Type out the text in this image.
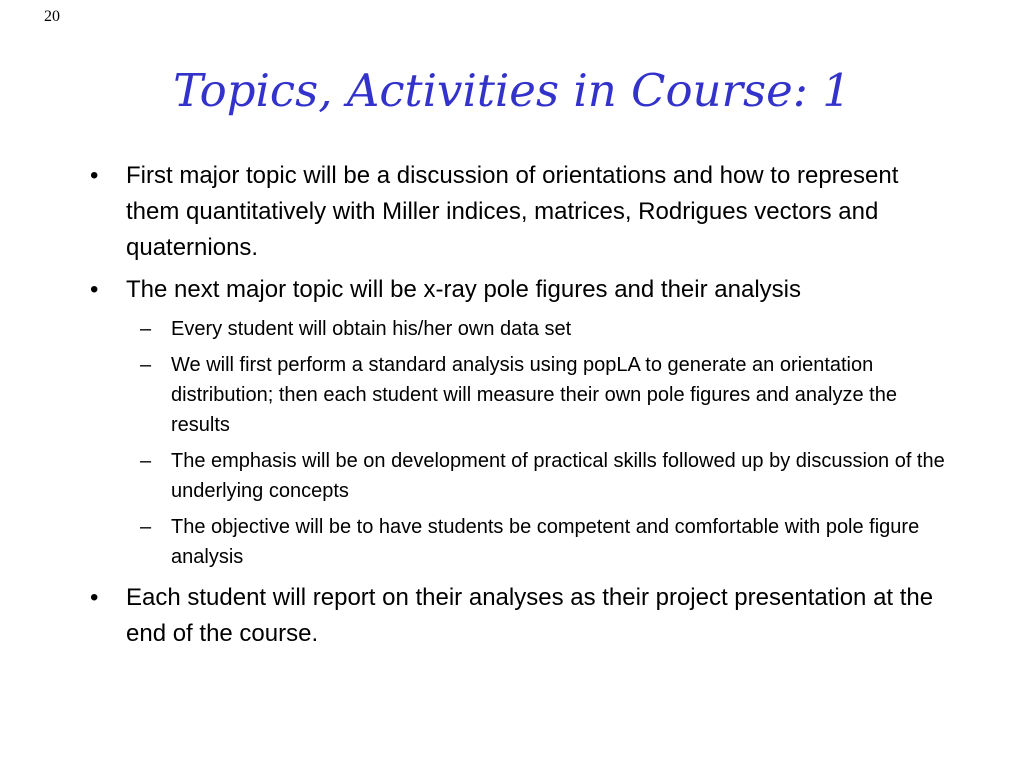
20
Topics, Activities in Course: 1
• First major topic will be a discussion of orientations and how to represent them quantitatively with Miller indices, matrices, Rodrigues vectors and quaternions.
• The next major topic will be x-ray pole figures and their analysis
– Every student will obtain his/her own data set
– We will first perform a standard analysis using popLA to generate an orientation distribution; then each student will measure their own pole figures and analyze the results
– The emphasis will be on development of practical skills followed up by discussion of the underlying concepts
– The objective will be to have students be competent and comfortable with pole figure analysis
• Each student will report on their analyses as their project presentation at the end of the course.
